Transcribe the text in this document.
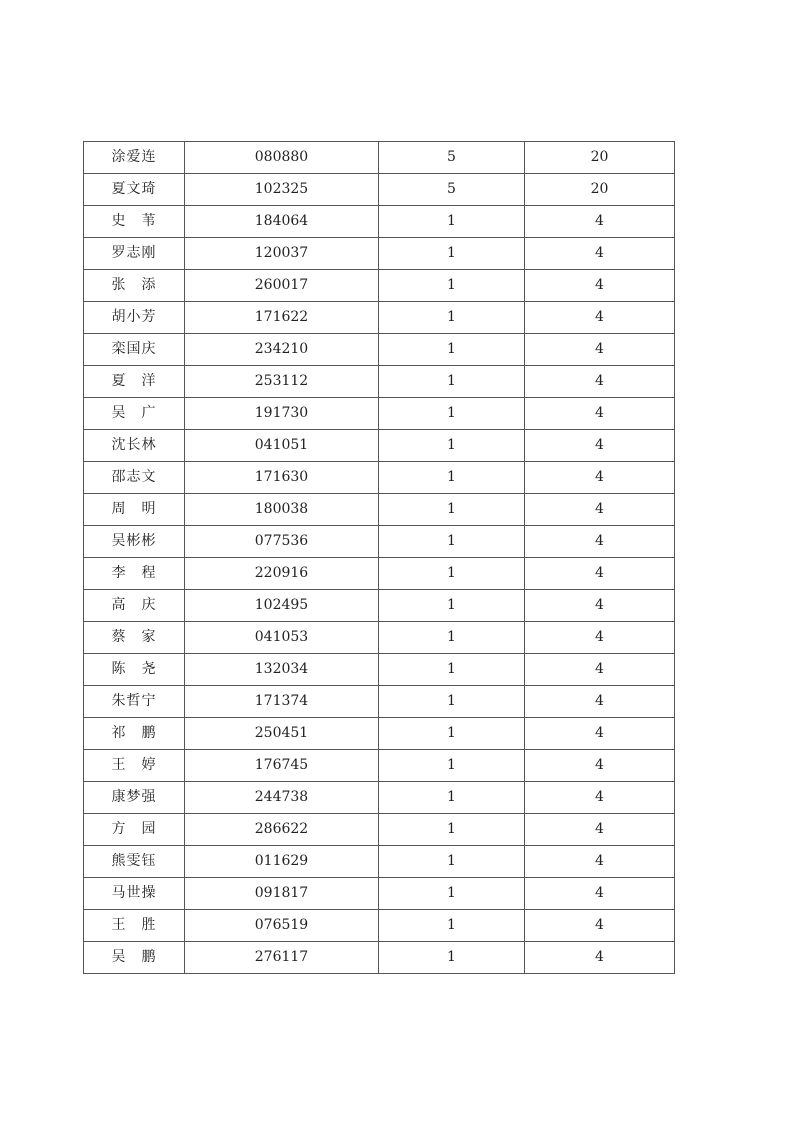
涂爱连	080880	5	20
夏文琦	102325	5	20
史　苇	184064	1	4
罗志刚	120037	1	4
张　添	260017	1	4
胡小芳	171622	1	4
栾国庆	234210	1	4
夏　洋	253112	1	4
吴　广	191730	1	4
沈长林	041051	1	4
邵志文	171630	1	4
周　明	180038	1	4
吴彬彬	077536	1	4
李　程	220916	1	4
高　庆	102495	1	4
蔡　家	041053	1	4
陈　尧	132034	1	4
朱哲宁	171374	1	4
祁　鹏	250451	1	4
王　婷	176745	1	4
康梦强	244738	1	4
方　园	286622	1	4
熊雯钰	011629	1	4
马世操	091817	1	4
王　胜	076519	1	4
吴　鹏	276117	1	4
